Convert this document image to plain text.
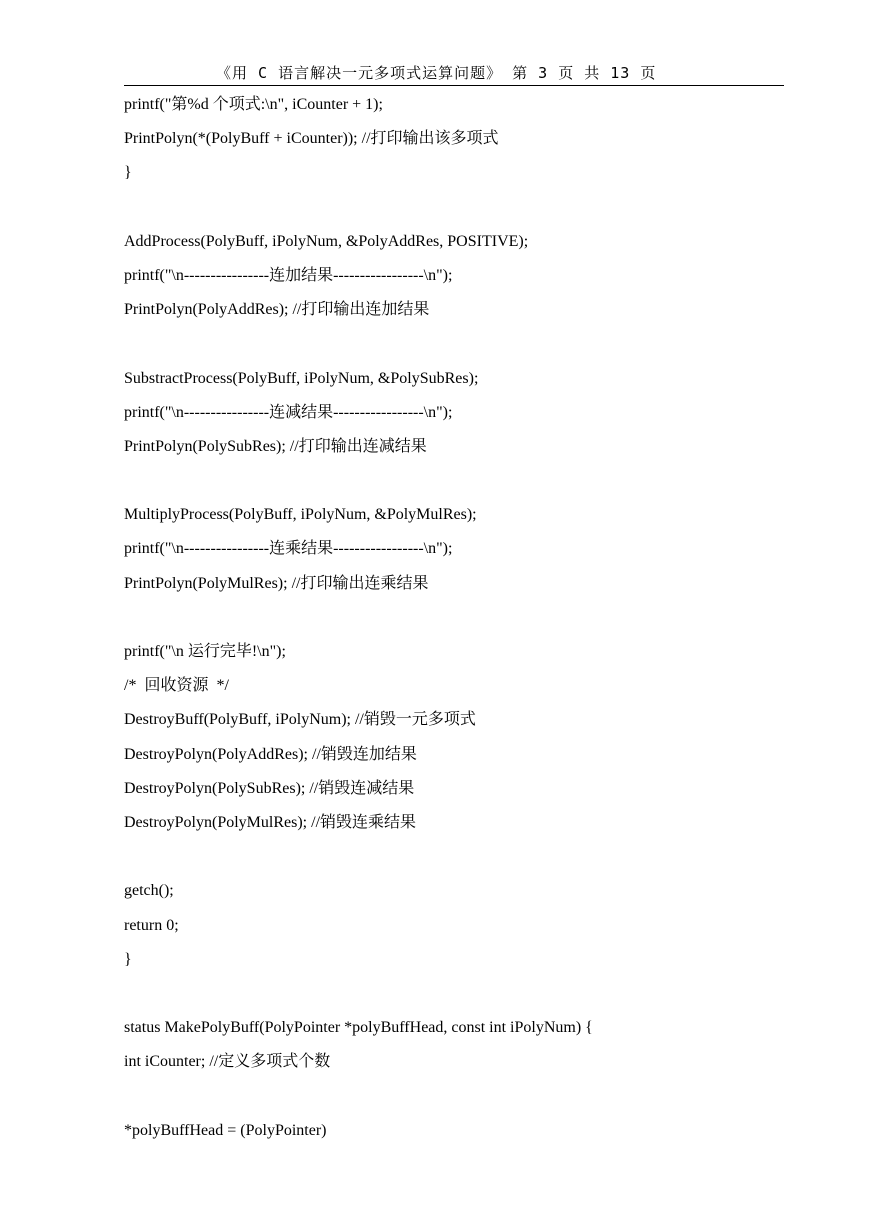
《用 C 语言解决一元多项式运算问题》 第 3 页 共 13 页
printf("第%d 个项式:\n", iCounter + 1);
PrintPolyn(*(PolyBuff + iCounter)); //打印输出该多项式
}
AddProcess(PolyBuff, iPolyNum, &PolyAddRes, POSITIVE);
printf("\n----------------连加结果-----------------\n");
PrintPolyn(PolyAddRes); //打印输出连加结果
SubstractProcess(PolyBuff, iPolyNum, &PolySubRes);
printf("\n----------------连减结果-----------------\n");
PrintPolyn(PolySubRes); //打印输出连减结果
MultiplyProcess(PolyBuff, iPolyNum, &PolyMulRes);
printf("\n----------------连乘结果-----------------\n");
PrintPolyn(PolyMulRes); //打印输出连乘结果
printf("\n 运行完毕!\n");
/*  回收资源  */
DestroyBuff(PolyBuff, iPolyNum); //销毁一元多项式
DestroyPolyn(PolyAddRes); //销毁连加结果
DestroyPolyn(PolySubRes); //销毁连减结果
DestroyPolyn(PolyMulRes); //销毁连乘结果
getch();
return 0;
}
status MakePolyBuff(PolyPointer *polyBuffHead, const int iPolyNum) {
int iCounter; //定义多项式个数
*polyBuffHead = (PolyPointer)
